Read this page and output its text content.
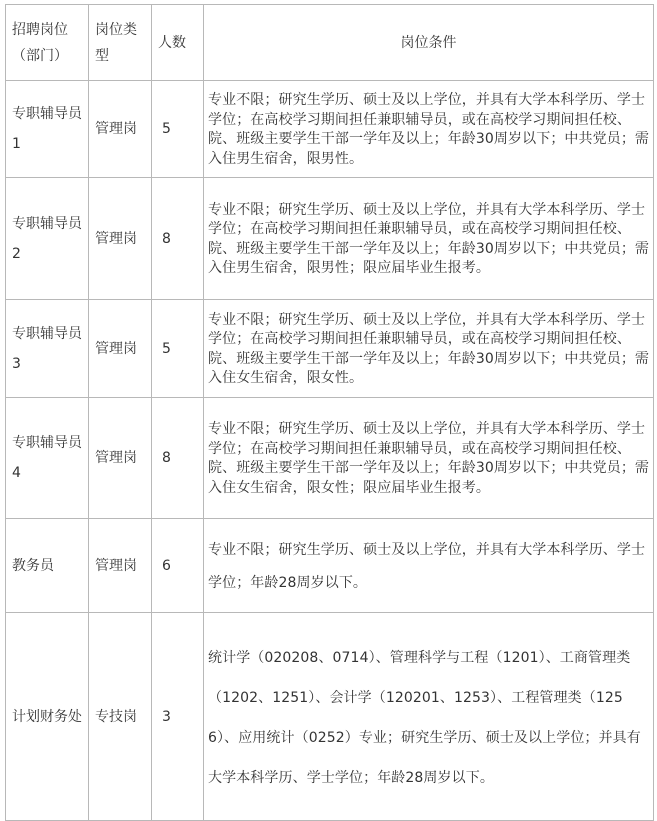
招聘岗位（部门）	岗位类型	人数	岗位条件
专职辅导员1	管理岗	5	专业不限；研究生学历、硕士及以上学位，并具有大学本科学历、学士学位；在高校学习期间担任兼职辅导员，或在高校学习期间担任校、院、班级主要学生干部一学年及以上；年龄30周岁以下；中共党员；需入住男生宿舍，限男性。
专职辅导员2	管理岗	8	专业不限；研究生学历、硕士及以上学位，并具有大学本科学历、学士学位；在高校学习期间担任兼职辅导员，或在高校学习期间担任校、院、班级主要学生干部一学年及以上；年龄30周岁以下；中共党员；需入住男生宿舍，限男性；限应届毕业生报考。
专职辅导员3	管理岗	5	专业不限；研究生学历、硕士及以上学位，并具有大学本科学历、学士学位；在高校学习期间担任兼职辅导员，或在高校学习期间担任校、院、班级主要学生干部一学年及以上；年龄30周岁以下；中共党员；需入住女生宿舍，限女性。
专职辅导员4	管理岗	8	专业不限；研究生学历、硕士及以上学位，并具有大学本科学历、学士学位；在高校学习期间担任兼职辅导员，或在高校学习期间担任校、院、班级主要学生干部一学年及以上；年龄30周岁以下；中共党员；需入住女生宿舍，限女性；限应届毕业生报考。
教务员	管理岗	6	专业不限；研究生学历、硕士及以上学位，并具有大学本科学历、学士学位；年龄28周岁以下。
计划财务处	专技岗	3	统计学（020208、0714）、管理科学与工程（1201）、工商管理类（1202、1251）、会计学（120201、1253）、工程管理类（1256）、应用统计（0252）专业；研究生学历、硕士及以上学位；并具有大学本科学历、学士学位；年龄28周岁以下。
